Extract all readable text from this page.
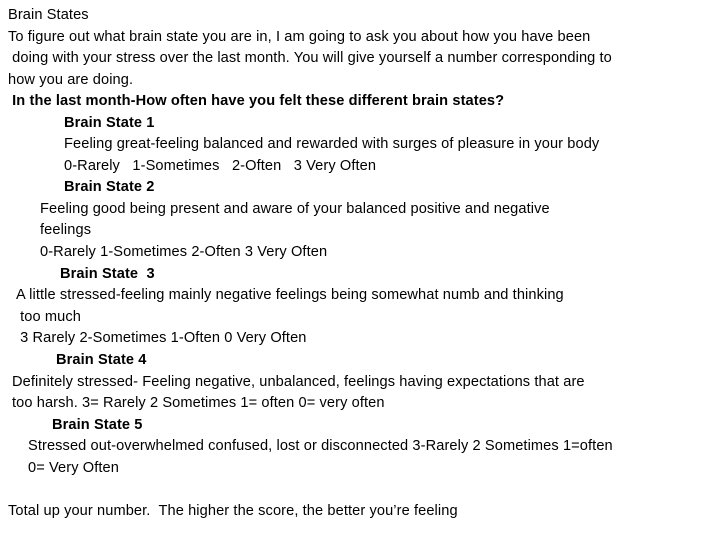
Brain States
To figure out what brain state you are in, I am going to ask you about how you have been
doing with your stress over the last month. You will give yourself a number corresponding to
how you are doing.
In the last month-How often have you felt these different brain states?
Brain State 1
Feeling great-feeling balanced and rewarded with surges of pleasure in your body
0-Rarely   1-Sometimes   2-Often   3 Very Often
Brain State 2
Feeling good being present and aware of your balanced positive and negative
feelings
0-Rarely 1-Sometimes 2-Often 3 Very Often
Brain State  3
A little stressed-feeling mainly negative feelings being somewhat numb and thinking
too much
3 Rarely 2-Sometimes 1-Often 0 Very Often
Brain State 4
Definitely stressed- Feeling negative, unbalanced, feelings having expectations that are
too harsh. 3= Rarely 2 Sometimes 1= often 0= very often
Brain State 5
Stressed out-overwhelmed confused, lost or disconnected 3-Rarely 2 Sometimes 1=often
0= Very Often
Total up your number.  The higher the score, the better you’re feeling
